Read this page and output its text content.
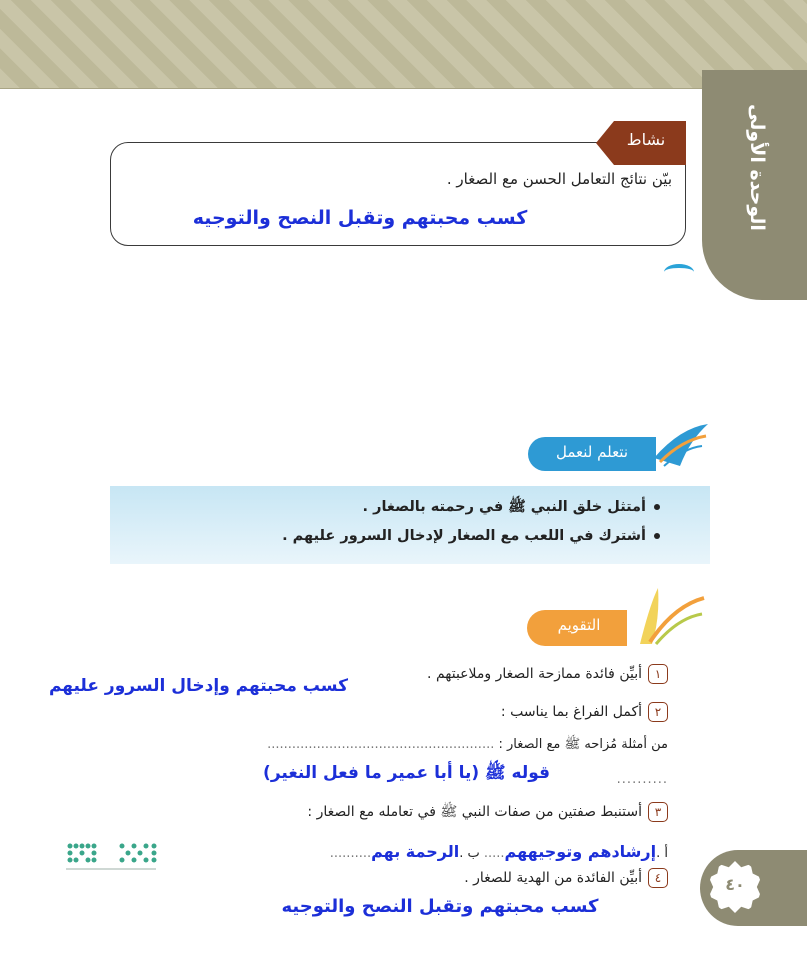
الوحدة الأولى
نشاط
بيّن نتائج التعامل الحسن مع الصغار .
كسب محبتهم وتقبل النصح والتوجيه
نتعلم لنعمل
أمتثل خلق النبي ﷺ في رحمته بالصغار .
أشترك في اللعب مع الصغار لإدخال السرور عليهم .
التقويم
١أبيِّن فائدة ممازحة الصغار وملاعبتهم .
كسب محبتهم وإدخال السرور عليهم
٢أكمل الفراغ بما يناسب :
من أمثلة مُزاحه ﷺ مع الصغار : .......................................................
..........
قوله ﷺ (يا أبا عمير ما فعل النغير)
٣أستنبط صفتين من صفات النبي ﷺ في تعامله مع الصغار :
أ .إرشادهم وتوجيههم..... ب .الرحمة بهم..........
٤أبيِّن الفائدة من الهدية للصغار .
كسب محبتهم وتقبل النصح والتوجيه
٤٠
